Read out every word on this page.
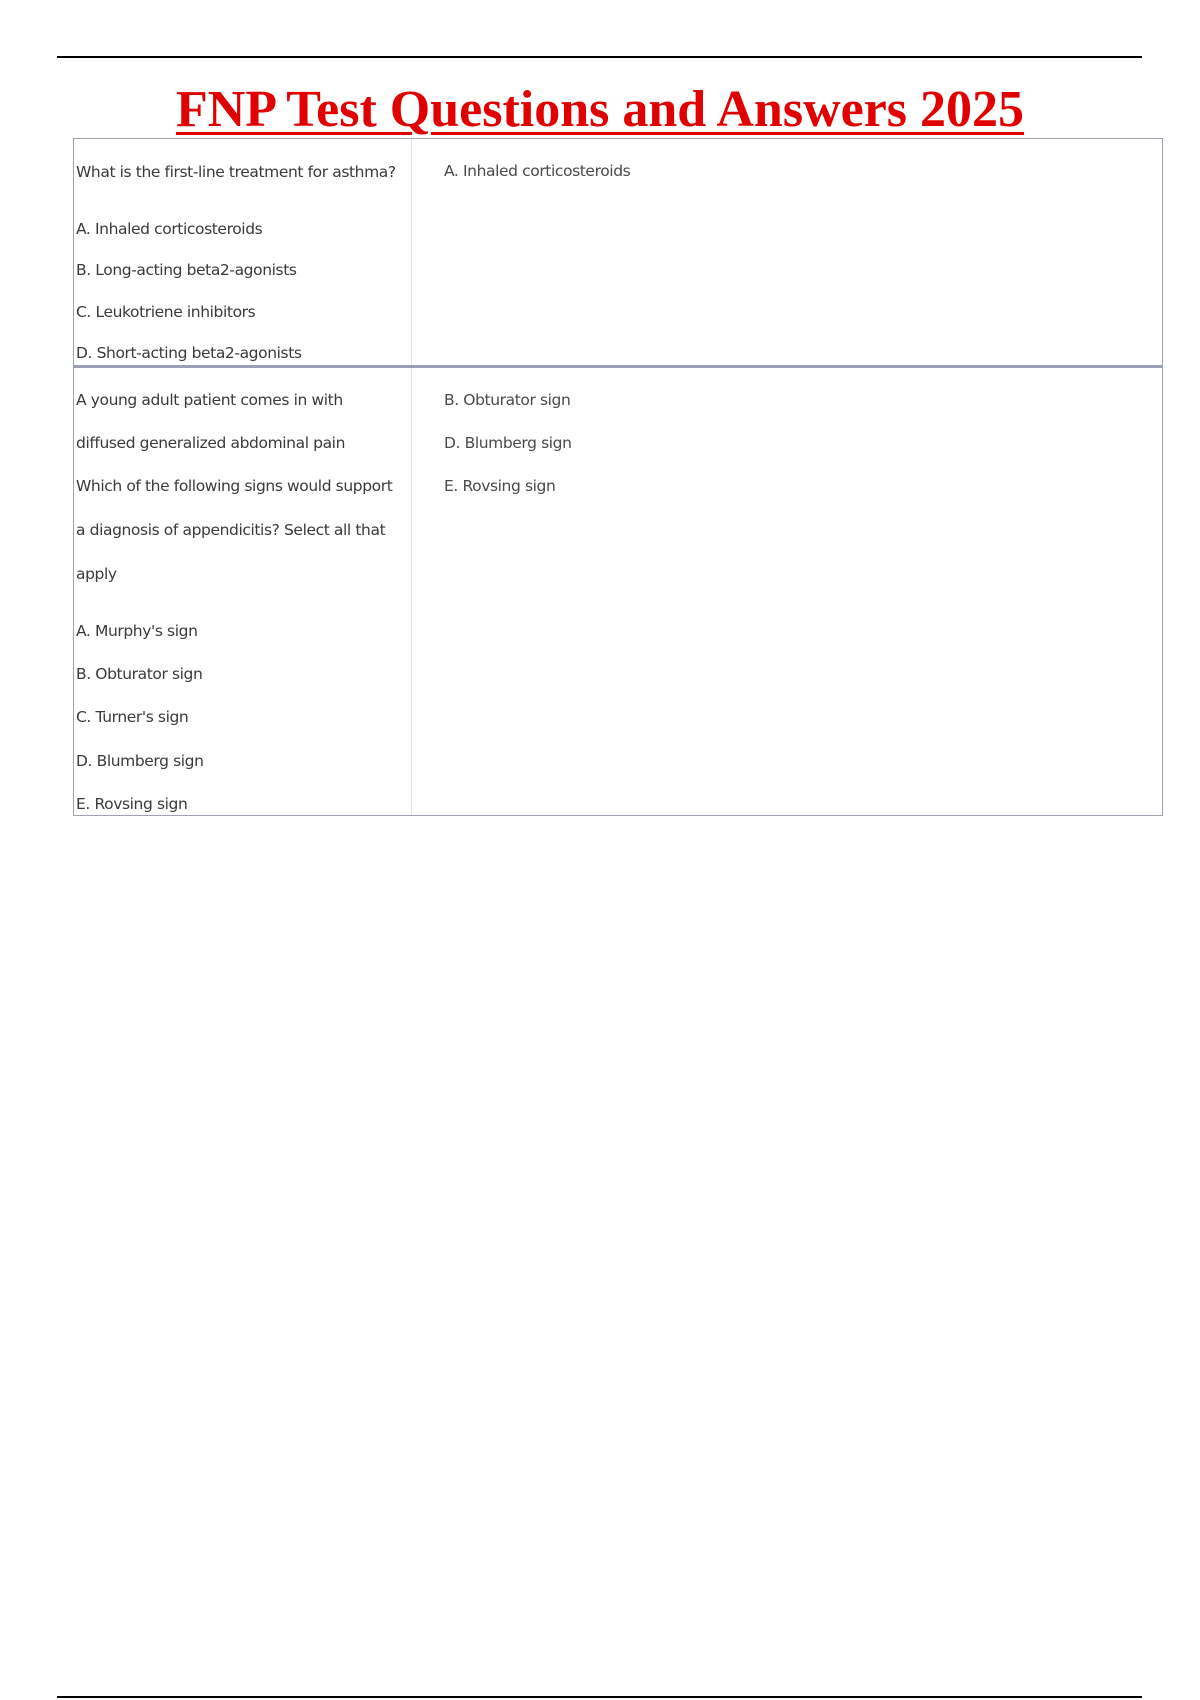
FNP Test Questions and Answers 2025
What is the first-line treatment for asthma?
A. Inhaled corticosteroids
B. Long-acting beta2-agonists
C. Leukotriene inhibitors
D. Short-acting beta2-agonists
A. Inhaled corticosteroids
A young adult patient comes in with
diffused generalized abdominal pain
Which of the following signs would support
a diagnosis of appendicitis? Select all that
apply
A. Murphy's sign
B. Obturator sign
C. Turner's sign
D. Blumberg sign
E. Rovsing sign
B. Obturator sign
D. Blumberg sign
E. Rovsing sign
